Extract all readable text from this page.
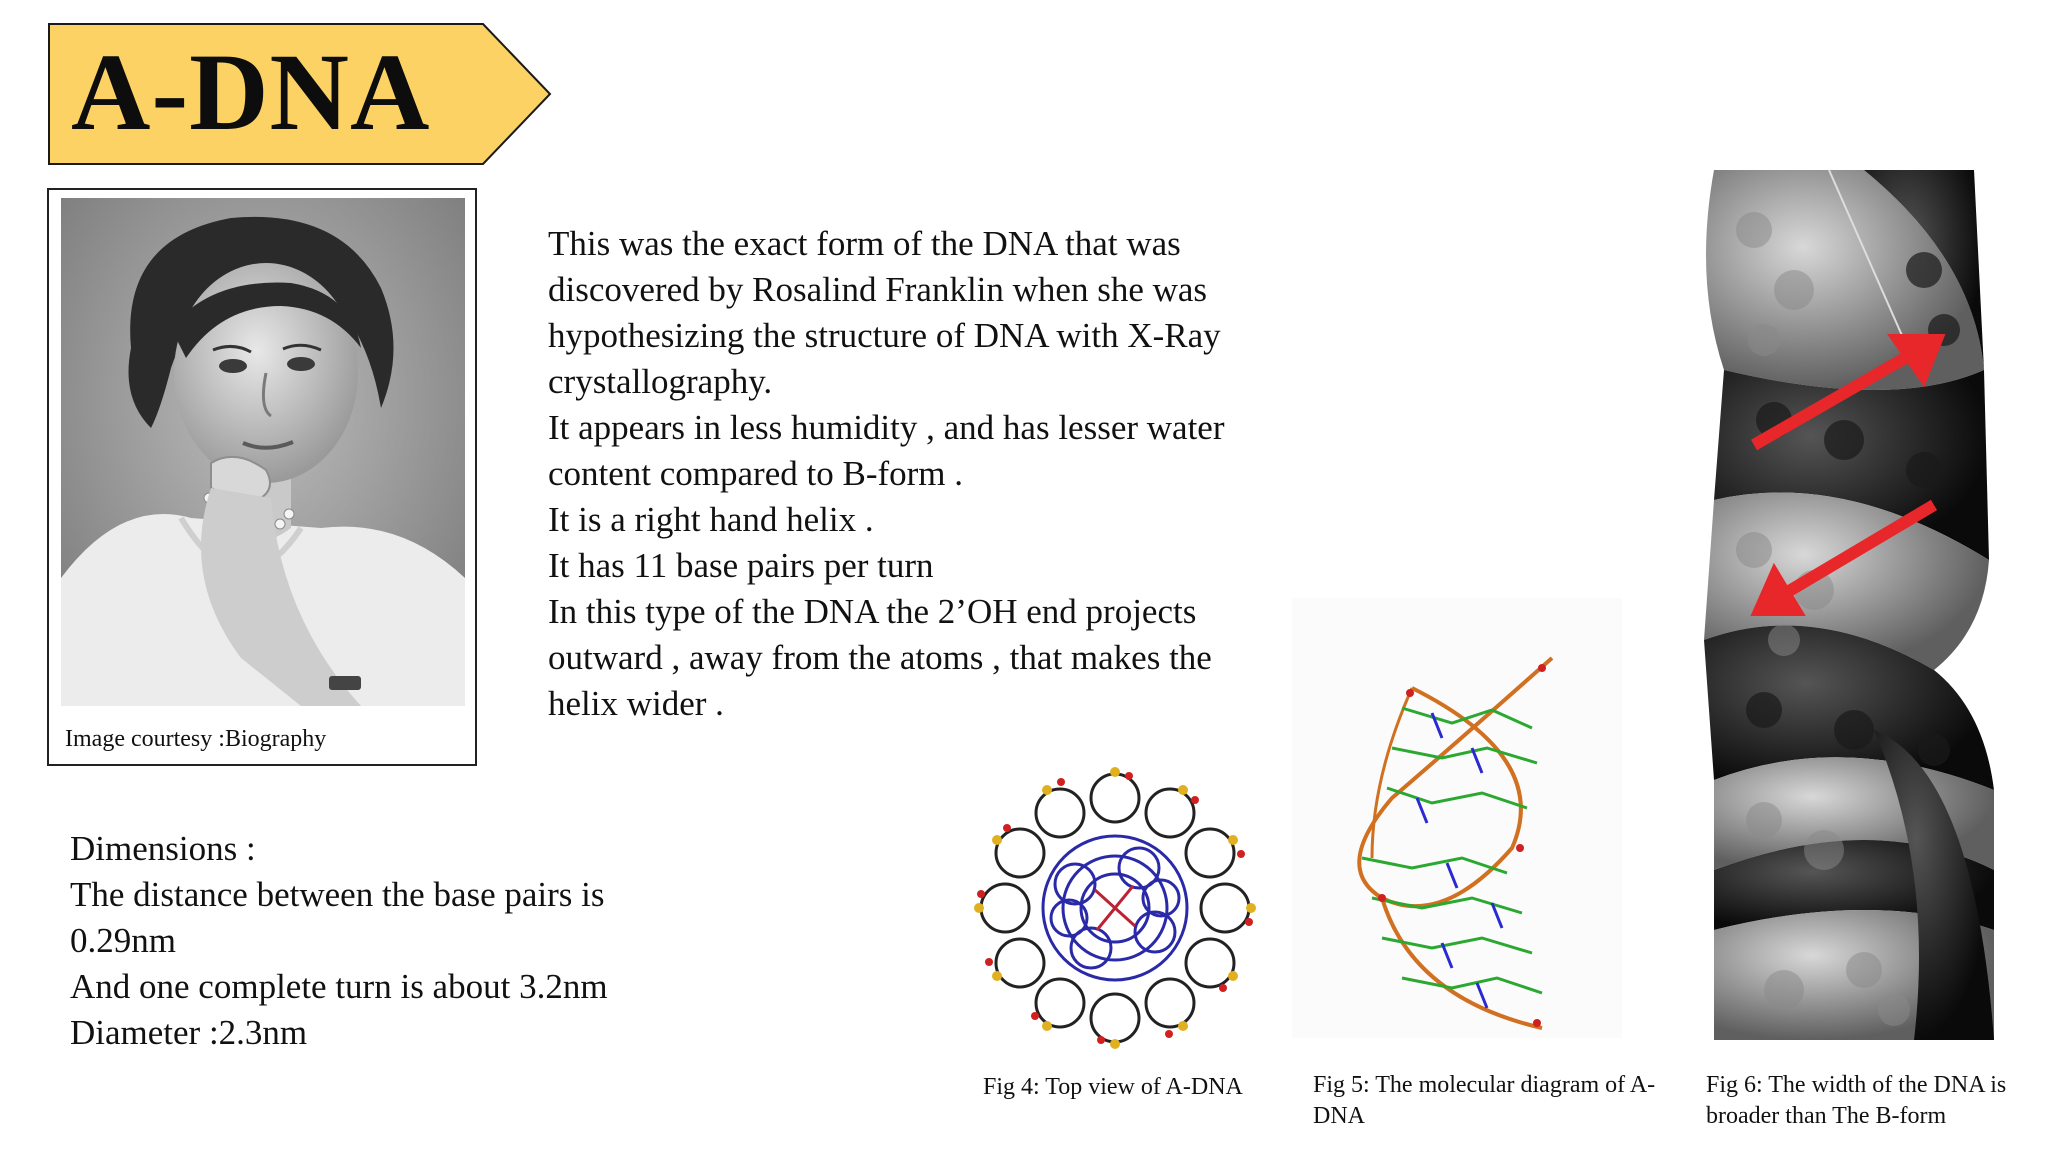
A-DNA
Image courtesy :Biography

This was the exact form of the DNA that was

discovered by Rosalind Franklin when she was

hypothesizing the structure of DNA with X-Ray

crystallography.

It appears in less humidity , and has lesser water

content compared to B-form .

It is a right hand helix .

It has 11 base pairs per turn

In this type of the DNA the 2’OH end projects

outward , away from the atoms , that makes the

helix wider .

Dimensions :

The distance between the base pairs is

0.29nm

And one complete turn is about 3.2nm

Diameter :2.3nm

Fig 4: Top view of A-DNA	Fig 5: The molecular diagram of A-
DNA
Fig 6: The width of the DNA is
broader than The B-form
